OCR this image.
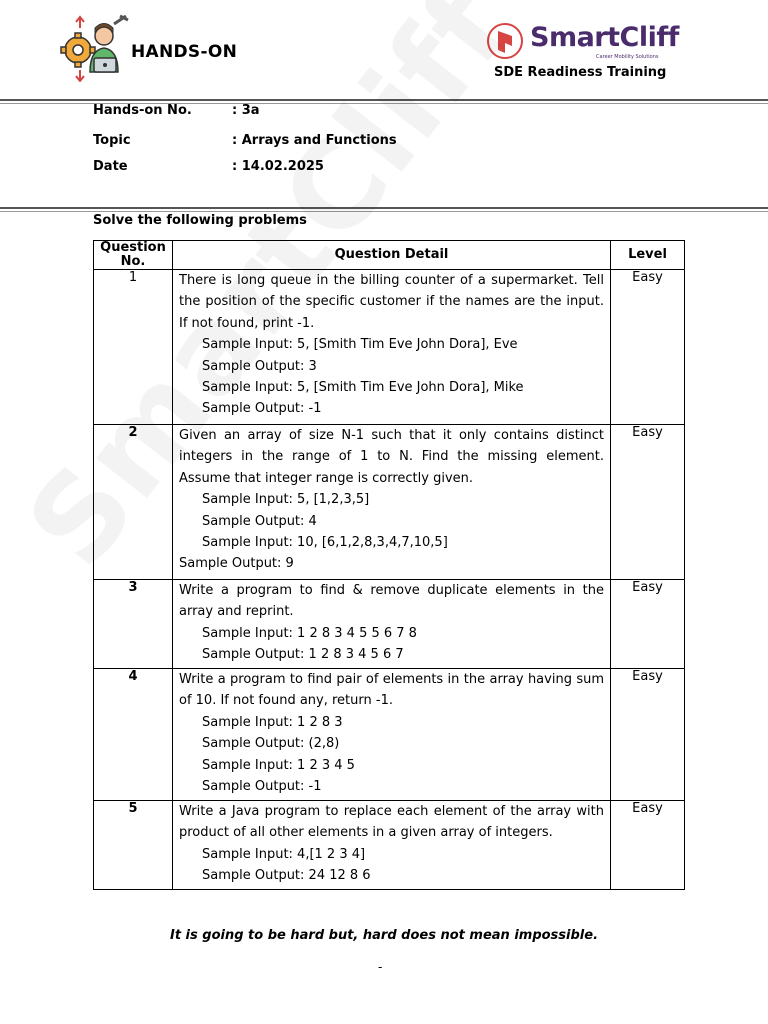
HANDS-ON	SmartCliff
Career Mobility Solutions
SDE Readiness Training
Hands-on No.	: 3a
Topic	: Arrays and Functions
Date	: 14.02.2025
Solve the following problems
Question No.	Question Detail	Level
1	There is long queue in the billing counter of a supermarket. Tell the position of the specific customer if the names are the input. If not found, print -1.
Sample Input: 5, [Smith Tim Eve John Dora], Eve
Sample Output: 3
Sample Input: 5, [Smith Tim Eve John Dora], Mike
Sample Output: -1	Easy
2	Given an array of size N-1 such that it only contains distinct integers in the range of 1 to N. Find the missing element. Assume that integer range is correctly given.
Sample Input: 5, [1,2,3,5]
Sample Output: 4
Sample Input: 10, [6,1,2,8,3,4,7,10,5]
Sample Output: 9	Easy
3	Write a program to find & remove duplicate elements in the array and reprint.
Sample Input: 1 2 8 3 4 5 5 6 7 8
Sample Output: 1 2 8 3 4 5 6 7	Easy
4	Write a program to find pair of elements in the array having sum of 10. If not found any, return -1.
Sample Input: 1 2 8 3
Sample Output: (2,8)
Sample Input: 1 2 3 4 5
Sample Output: -1	Easy
5	Write a Java program to replace each element of the array with product of all other elements in a given array of integers.
Sample Input: 4,[1 2 3 4]
Sample Output: 24 12 8 6	Easy
It is going to be hard but, hard does not mean impossible.
-
